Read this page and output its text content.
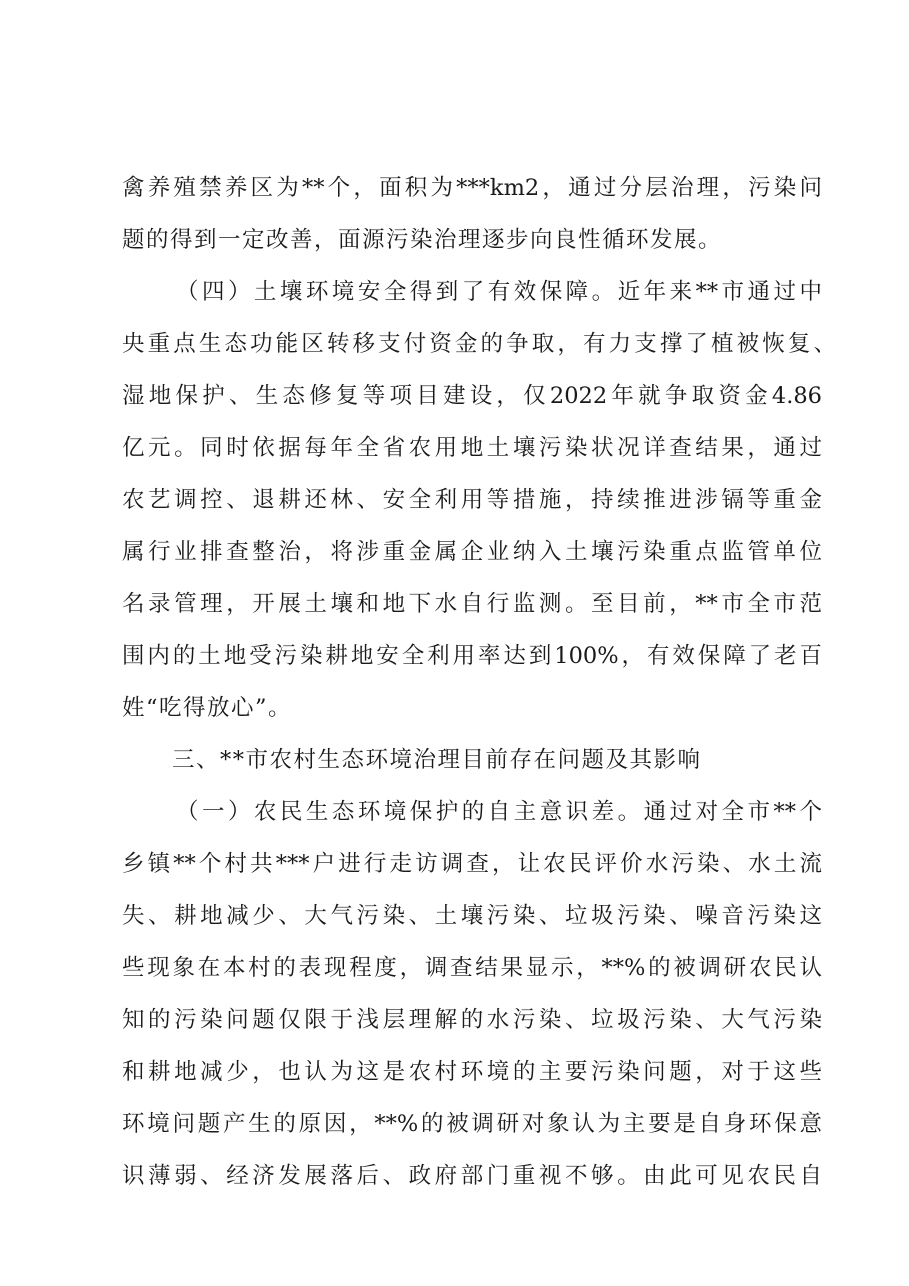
禽养殖禁养区为**个，面积为***km2，通过分层治理，污染问
题的得到一定改善，面源污染治理逐步向良性循环发展。
（四）土壤环境安全得到了有效保障。近年来**市通过中
央重点生态功能区转移支付资金的争取，有力支撑了植被恢复、
湿地保护、生态修复等项目建设，仅2022年就争取资金4.86
亿元。同时依据每年全省农用地土壤污染状况详查结果，通过
农艺调控、退耕还林、安全利用等措施，持续推进涉镉等重金
属行业排查整治，将涉重金属企业纳入土壤污染重点监管单位
名录管理，开展土壤和地下水自行监测。至目前，**市全市范
围内的土地受污染耕地安全利用率达到100%，有效保障了老百
姓“吃得放心”。
三、**市农村生态环境治理目前存在问题及其影响
（一）农民生态环境保护的自主意识差。通过对全市**个
乡镇**个村共***户进行走访调查，让农民评价水污染、水土流
失、耕地减少、大气污染、土壤污染、垃圾污染、噪音污染这
些现象在本村的表现程度，调查结果显示，**%的被调研农民认
知的污染问题仅限于浅层理解的水污染、垃圾污染、大气污染
和耕地减少，也认为这是农村环境的主要污染问题，对于这些
环境问题产生的原因，**%的被调研对象认为主要是自身环保意
识薄弱、经济发展落后、政府部门重视不够。由此可见农民自
